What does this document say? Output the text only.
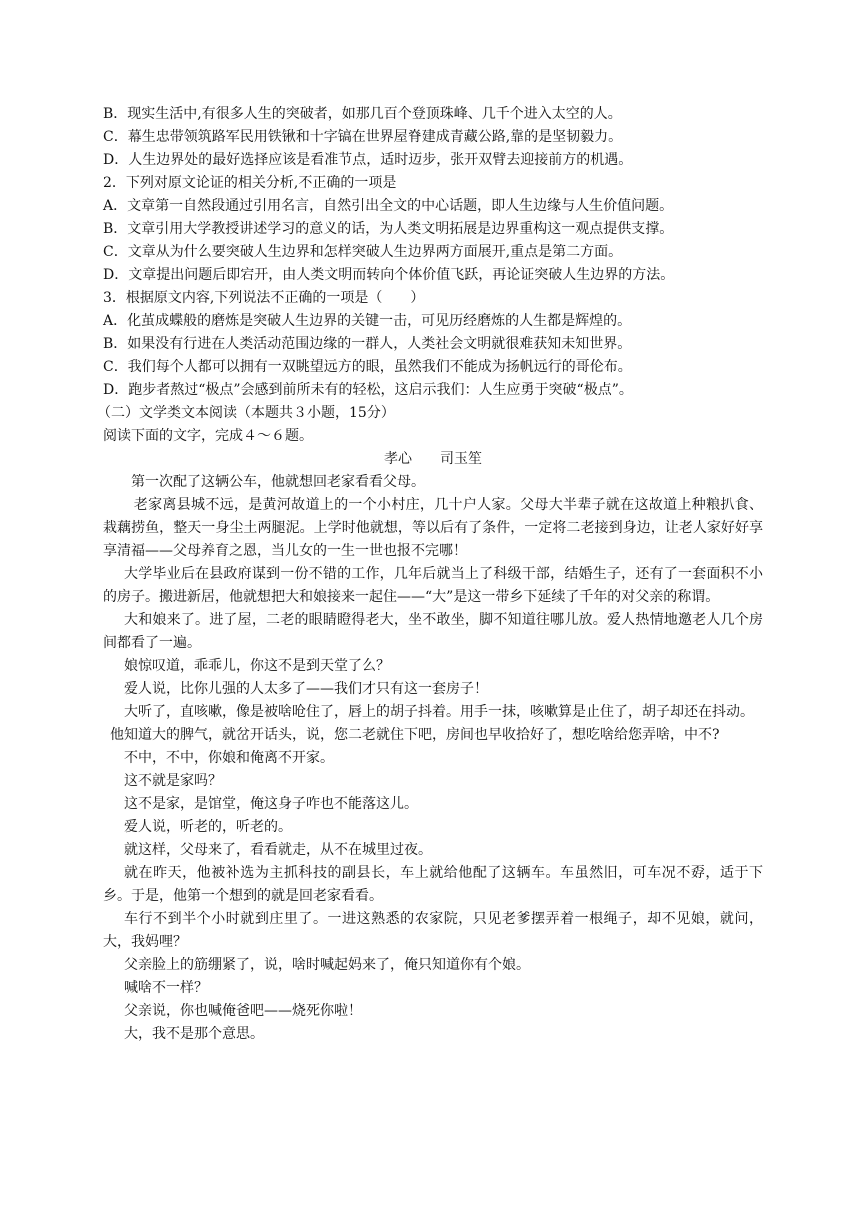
B．现实生活中,有很多人生的突破者，如那几百个登顶珠峰、几千个进入太空的人。

C．幕生忠带领筑路军民用铁锹和十字镐在世界屋脊建成青藏公路,靠的是坚韧毅力。

D．人生边界处的最好选择应该是看准节点，适时迈步，张开双臂去迎接前方的机遇。

2．下列对原文论证的相关分析,不正确的一项是

A．文章第一自然段通过引用名言，自然引出全文的中心话题，即人生边缘与人生价值问题。

B．文章引用大学教授讲述学习的意义的话，为人类文明拓展是边界重构这一观点提供支撑。

C．文章从为什么要突破人生边界和怎样突破人生边界两方面展开,重点是第二方面。

D．文章提出问题后即宕开，由人类文明而转向个体价值飞跃，再论证突破人生边界的方法。

3．根据原文内容,下列说法不正确的一项是（　　）

A．化茧成蝶般的磨炼是突破人生边界的关键一击，可见历经磨炼的人生都是辉煌的。

B．如果没有行进在人类活动范围边缘的一群人，人类社会文明就很难获知未知世界。

C．我们每个人都可以拥有一双眺望远方的眼，虽然我们不能成为扬帆远行的哥伦布。

D．跑步者熬过“极点”会感到前所未有的轻松，这启示我们：人生应勇于突破“极点”。

（二）文学类文本阅读（本题共３小题，15分）

阅读下面的文字，完成４～６题。

孝心　　司玉笙

第一次配了这辆公车，他就想回老家看看父母。

老家离县城不远，是黄河故道上的一个小村庄，几十户人家。父母大半辈子就在这故道上种粮扒食、栽藕捞鱼，整天一身尘土两腿泥。上学时他就想，等以后有了条件，一定将二老接到身边，让老人家好好享享清福——父母养育之恩，当儿女的一生一世也报不完哪！

大学毕业后在县政府谋到一份不错的工作，几年后就当上了科级干部，结婚生子，还有了一套面积不小的房子。搬进新居，他就想把大和娘接来一起住——“大”是这一带乡下延续了千年的对父亲的称谓。

大和娘来了。进了屋，二老的眼睛瞪得老大，坐不敢坐，脚不知道往哪儿放。爱人热情地邀老人几个房间都看了一遍。

娘惊叹道，乖乖儿，你这不是到天堂了么？

爱人说，比你儿强的人太多了——我们才只有这一套房子！

大听了，直咳嗽，像是被啥呛住了，唇上的胡子抖着。用手一抹，咳嗽算是止住了，胡子却还在抖动。

他知道大的脾气，就岔开话头，说，您二老就住下吧，房间也早收拾好了，想吃啥给您弄啥，中不?

不中，不中，你娘和俺离不开家。

这不就是家吗？

这不是家，是馆堂，俺这身子咋也不能落这儿。

爱人说，听老的，听老的。

就这样，父母来了，看看就走，从不在城里过夜。

就在昨天，他被补选为主抓科技的副县长，车上就给他配了这辆车。车虽然旧，可车况不孬，适于下乡。于是，他第一个想到的就是回老家看看。

车行不到半个小时就到庄里了。一进这熟悉的农家院，只见老爹摆弄着一根绳子，却不见娘，就问，大，我妈哩？

父亲脸上的筋绷紧了，说，啥时喊起妈来了，俺只知道你有个娘。

喊啥不一样？

父亲说，你也喊俺爸吧——烧死你啦！

大，我不是那个意思。
